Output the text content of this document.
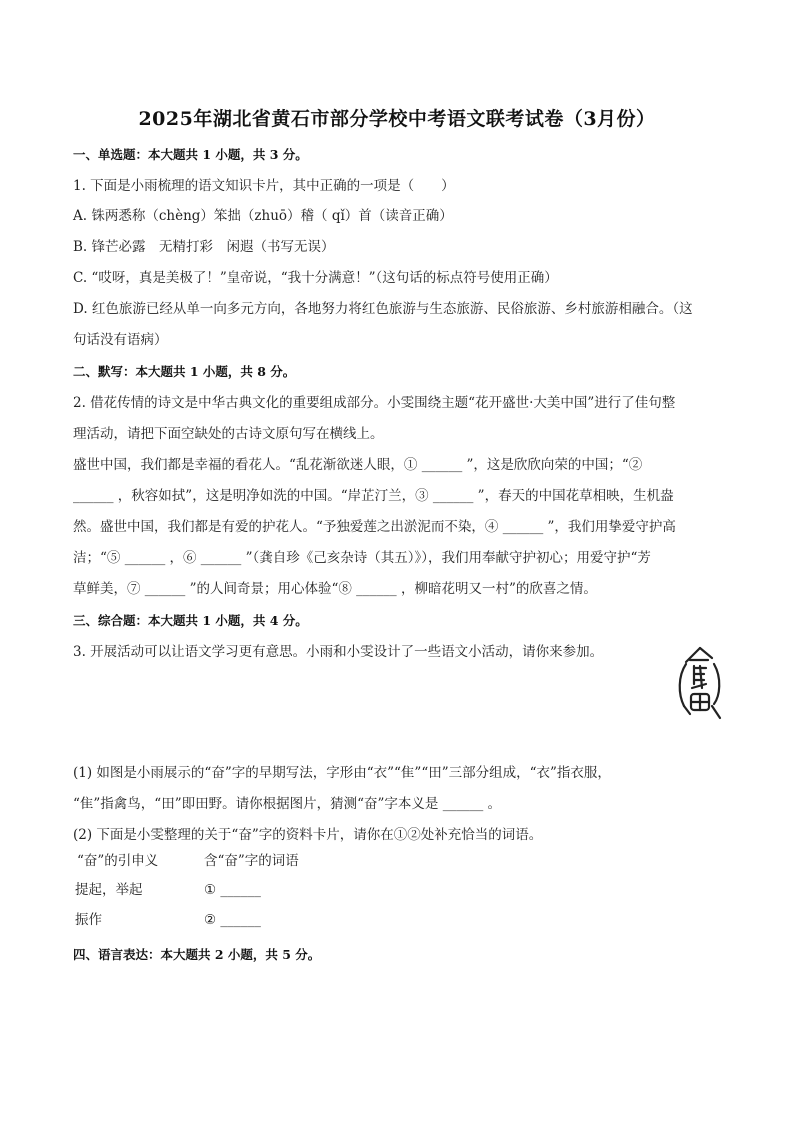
2025年湖北省黄石市部分学校中考语文联考试卷（3月份）
一、单选题：本大题共 1 小题，共 3 分。
1. 下面是小雨梳理的语文知识卡片，其中正确的一项是（　　）
A. 铢两悉称（chèng）笨拙（zhuō）稽（ qǐ）首（读音正确）
B. 锋芒必露　无精打彩　闲遐（书写无误）
C. “哎呀，真是美极了！”皇帝说，“我十分满意！”（这句话的标点符号使用正确）
D. 红色旅游已经从单一向多元方向，各地努力将红色旅游与生态旅游、民俗旅游、乡村旅游相融合。（这
句话没有语病）
二、默写：本大题共 1 小题，共 8 分。
2. 借花传情的诗文是中华古典文化的重要组成部分。小雯围绕主题“花开盛世·大美中国”进行了佳句整
理活动，请把下面空缺处的古诗文原句写在横线上。
盛世中国，我们都是幸福的看花人。“乱花渐欲迷人眼，① ______ ”，这是欣欣向荣的中国；“②
______ ，秋容如拭”，这是明净如洗的中国。“岸芷汀兰，③ ______ ”，春天的中国花草相映，生机盎
然。盛世中国，我们都是有爱的护花人。“予独爱莲之出淤泥而不染，④ ______ ”，我们用挚爱守护高
洁；“⑤ ______ ，⑥ ______ ”（龚自珍《己亥杂诗（其五）》），我们用奉献守护初心；用爱守护“芳
草鲜美，⑦ ______ ”的人间奇景；用心体验“⑧ ______ ，柳暗花明又一村”的欣喜之情。
三、综合题：本大题共 1 小题，共 4 分。
3. 开展活动可以让语文学习更有意思。小雨和小雯设计了一些语文小活动，请你来参加。
(1) 如图是小雨展示的“奋”字的早期写法，字形由“衣”“隹”“田”三部分组成，“衣”指衣服，
“隹”指禽鸟，“田”即田野。请你根据图片，猜测“奋”字本义是 ______ 。
(2) 下面是小雯整理的关于“奋”字的资料卡片，请你在①②处补充恰当的词语。
“奋”的引申义	含“奋”字的词语
提起，举起	① ______
振作	② ______
四、语言表达：本大题共 2 小题，共 5 分。
